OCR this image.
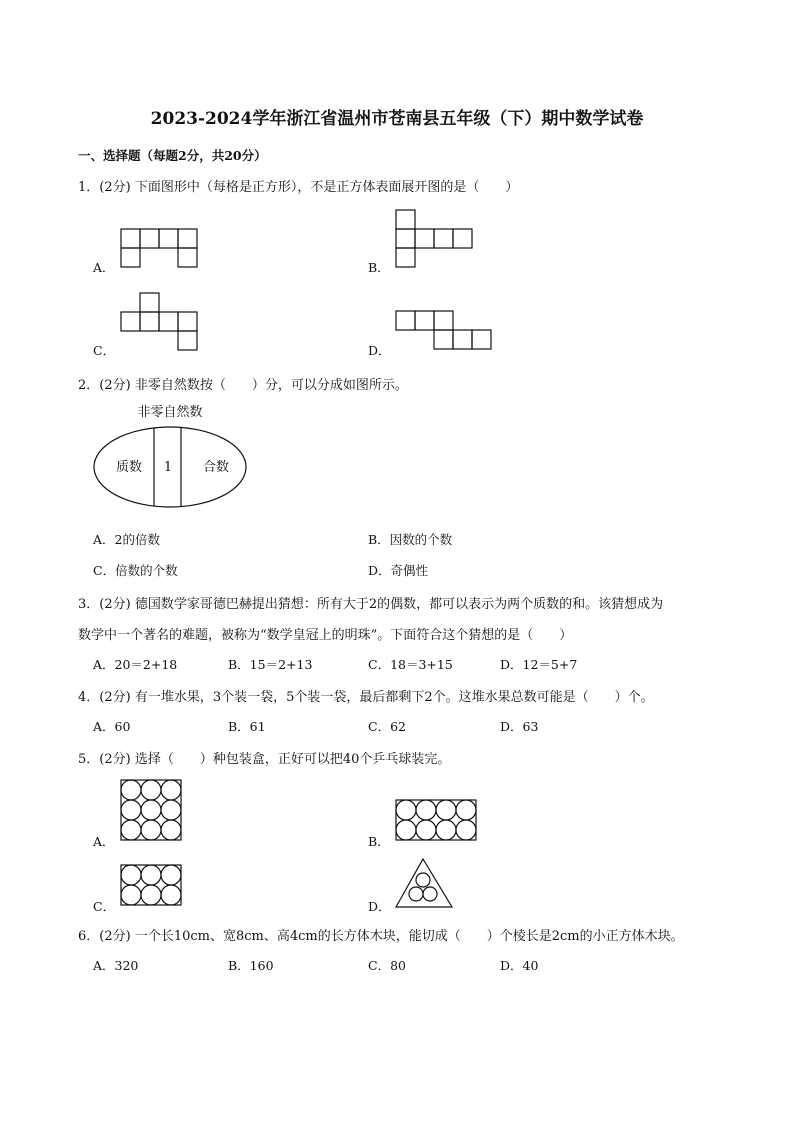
2023-2024学年浙江省温州市苍南县五年级（下）期中数学试卷
一、选择题（每题2分，共20分）
1．(2分) 下面图形中（每格是正方形），不是正方体表面展开图的是（　　）
A．	B．
C．	D．
2．(2分) 非零自然数按（　　）分，可以分成如图所示。
非零自然数
质数 1 合数
A．2的倍数	B．因数的个数
C．倍数的个数	D．奇偶性
3．(2分) 德国数学家哥德巴赫提出猜想：所有大于2的偶数，都可以表示为两个质数的和。该猜想成为
数学中一个著名的难题，被称为“数学皇冠上的明珠”。下面符合这个猜想的是（　　）
A．20＝2+18	B．15＝2+13	C．18＝3+15	D．12＝5+7
4．(2分) 有一堆水果，3个装一袋，5个装一袋，最后都剩下2个。这堆水果总数可能是（　　）个。
A．60	B．61	C．62	D．63
5．(2分) 选择（　　）种包装盒，正好可以把40个乒乓球装完。
A．	B．
C．	D．
6．(2分) 一个长10cm、宽8cm、高4cm的长方体木块，能切成（　　）个棱长是2cm的小正方体木块。
A．320	B．160	C．80	D．40
